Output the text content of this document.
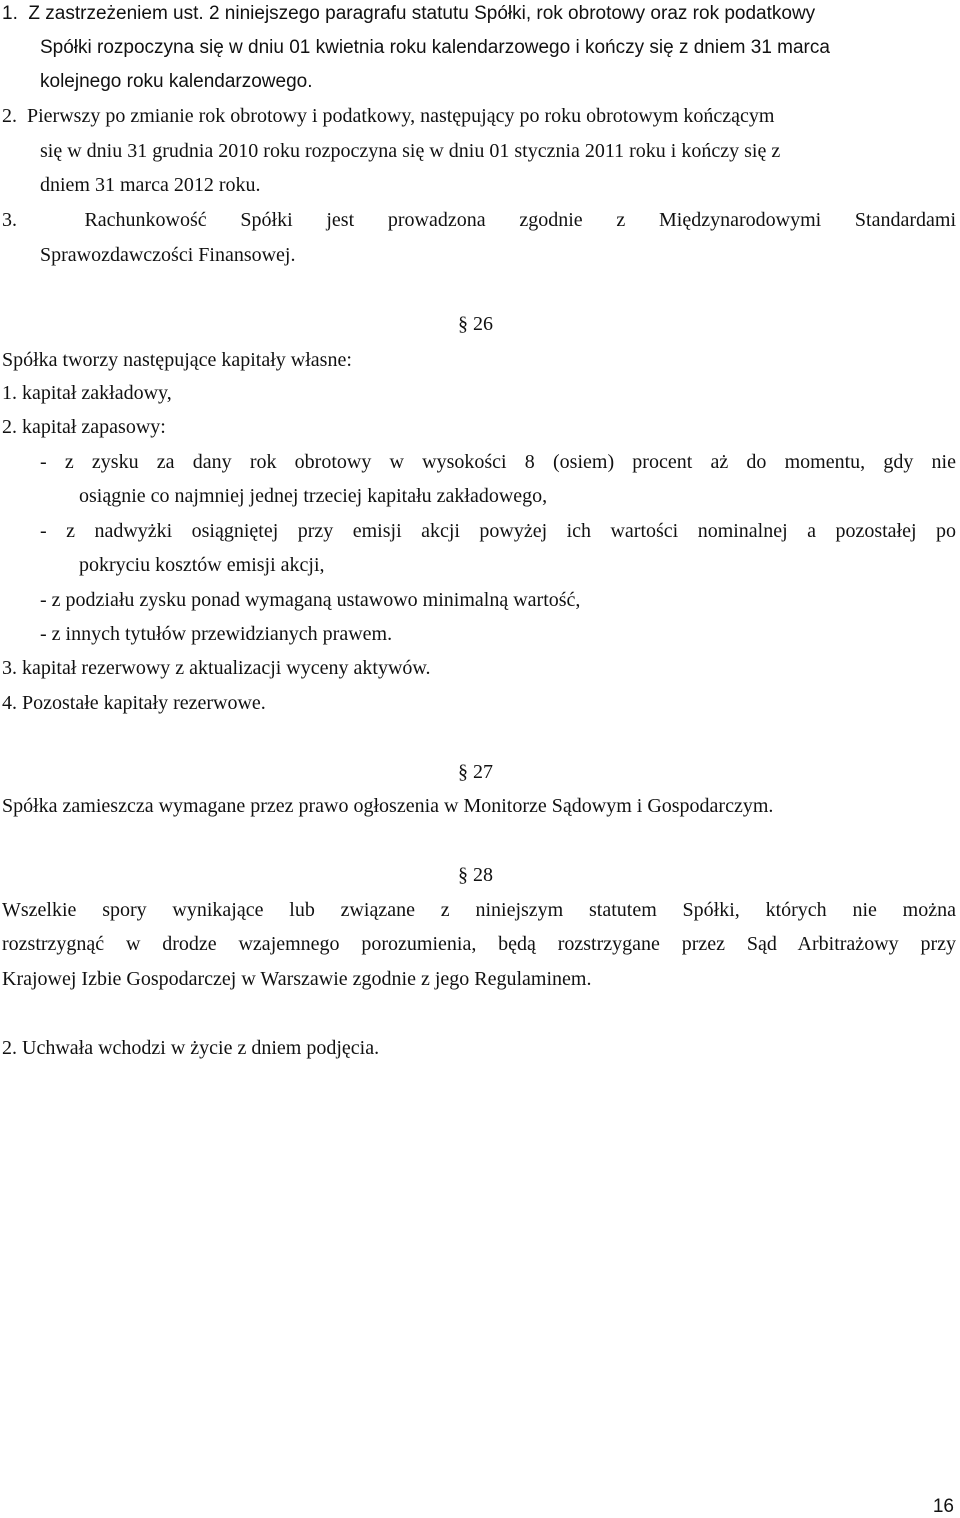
1.  Z zastrzeżeniem ust. 2 niniejszego paragrafu statutu Spółki, rok obrotowy oraz rok podatkowy
Spółki rozpoczyna się w dniu 01 kwietnia roku kalendarzowego i kończy się z dniem 31 marca
kolejnego roku kalendarzowego.
2.  Pierwszy po zmianie rok obrotowy i podatkowy, następujący po roku obrotowym kończącym
się w dniu 31 grudnia 2010 roku rozpoczyna się w dniu 01 stycznia 2011 roku i kończy się z
dniem 31 marca 2012 roku.
3.  Rachunkowość Spółki jest prowadzona zgodnie z Międzynarodowymi Standardami
Sprawozdawczości Finansowej.
§ 26
Spółka tworzy następujące kapitały własne:
1. kapitał zakładowy,
2. kapitał zapasowy:
- z zysku za dany rok obrotowy w wysokości 8 (osiem) procent aż do momentu, gdy nie
osiągnie co najmniej jednej trzeciej kapitału zakładowego,
- z nadwyżki osiągniętej przy emisji akcji powyżej ich wartości nominalnej a pozostałej po
pokryciu kosztów emisji akcji,
- z podziału zysku ponad wymaganą ustawowo minimalną wartość,
- z innych tytułów przewidzianych prawem.
3. kapitał rezerwowy z aktualizacji wyceny aktywów.
4. Pozostałe kapitały rezerwowe.
§ 27
Spółka zamieszcza wymagane przez prawo ogłoszenia w Monitorze Sądowym i Gospodarczym.
§ 28
Wszelkie spory wynikające lub związane z niniejszym statutem Spółki, których nie można
rozstrzygnąć w drodze wzajemnego porozumienia, będą rozstrzygane przez Sąd Arbitrażowy przy
Krajowej Izbie Gospodarczej w Warszawie zgodnie z jego Regulaminem.
2. Uchwała wchodzi w życie z dniem podjęcia.
16
